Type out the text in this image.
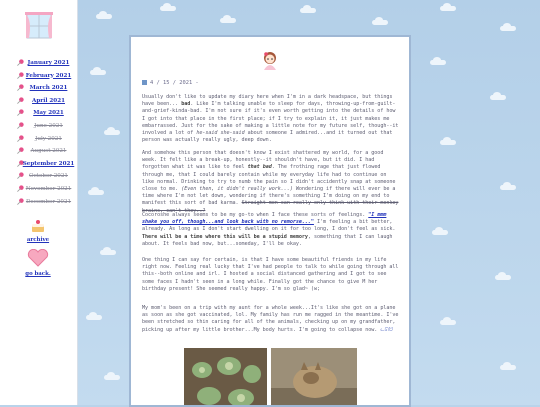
January 2021
February 2021
March 2021
April 2021
May 2021
June 2021
July 2021
August 2021
September 2021
October 2021
November 2021
December 2021
archive
go back.
4 / 15 / 2021 -
Usually don't like to update my diary here when I'm in a dark headspace, but things have been... bad. Like I'm talking unable to sleep for days, throwing-up-from-guilt-and-grief-kinda-bad. I'm not sure if it's even worth getting into the details of how I got into that place in the first place; if I try to explain it, it just makes me embarrassed. Just for the sake of making a little note for my future self, though--it involved a lot of he-said she-said about someone I admired...and it turned out that person was actually really ugly, deep down.
And somehow this person that doesn't know I exist shattered my world, for a good week. It felt like a break-up, honestly--it shouldn't have, but it did. I had forgotten what it was like to feel that bad. The frothing rage that just flowed through me, that I could barely contain while my everyday life had to continue on like normal. Drinking to try to numb the pain so I didn't accidently snap at someone close to me. (Even then, it didn't really work...) Wondering if there will ever be a time where I'm not let down, wondering if there's something I'm doing on my end to manifest this sort of bad karma. Straight men can really only think with their monkey brains, can't they..?
Cocoroshe always seems to be my go-to when I face these sorts of feelings. "I mmm shake you off, though...and look back with no remorse..." I'm feeling a bit better, already. As long as I don't start dwelling on it for too long, I don't feel as sick. There will be a time where this will be a stupid memory, something that I can laugh about. It feels bad now, but...someday, I'll be okay.
One thing I can say for certain, is that I have some beautiful friends in my life right now. Feeling real lucky that I've had people to talk to while going through all this--both online and irl. I hosted a social distanced gathering and I got to see some faces I hadn't seen in a long while. Finally got the chance to give M her birthday present! She seemed really happy. I'm so glad~ (w;
My mom's been on a trip with my aunt for a whole week...It's like she got on a plane as soon as she got vaccinated, lol. My family has run me ragged in the meantime. I've been stretched so thin caring for all of the animals, checking up on my grandfather, picking up after my little brother...My body hurts. I'm going to collapse now. ᓚᘏᗢ
